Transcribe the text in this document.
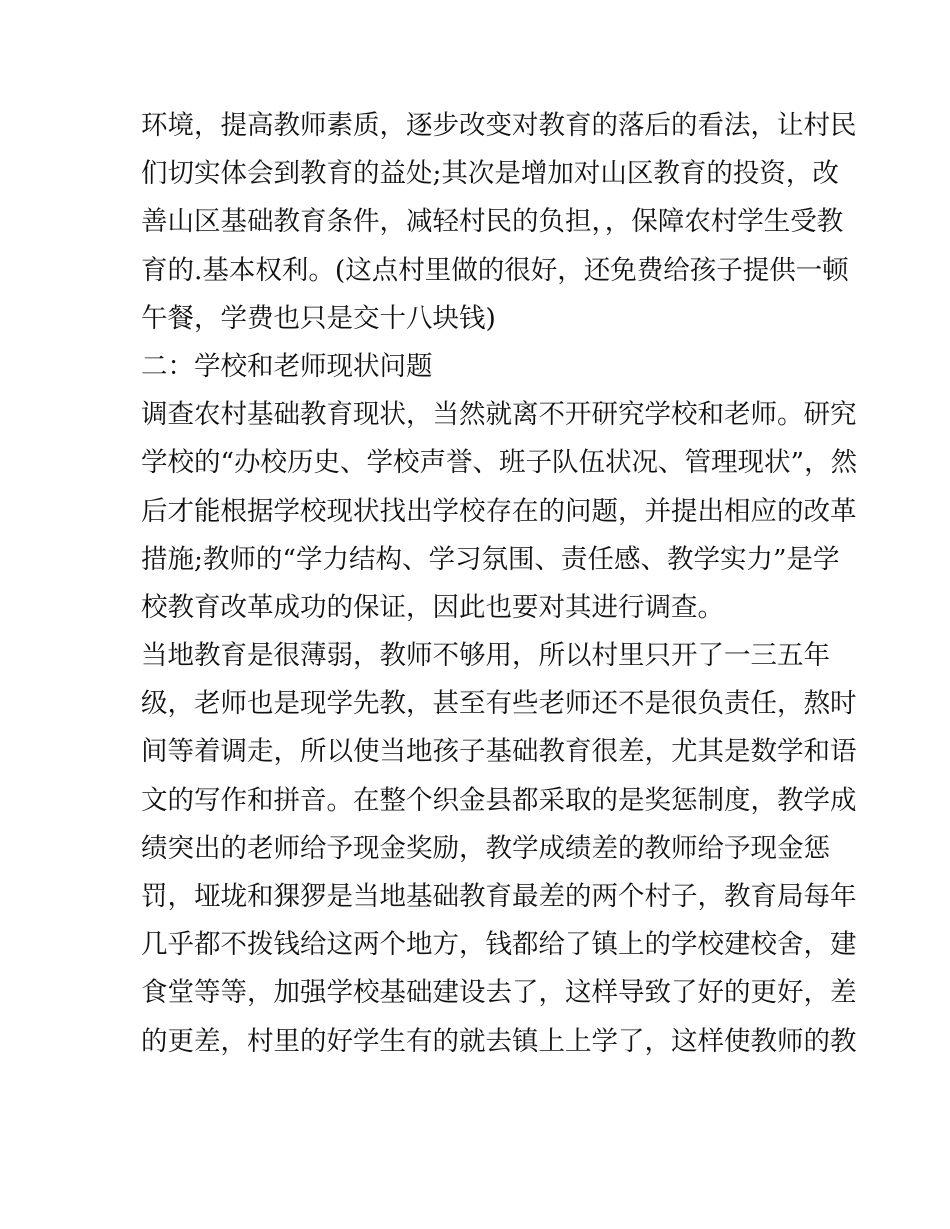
环境，提高教师素质，逐步改变对教育的落后的看法，让村民
们切实体会到教育的益处;其次是增加对山区教育的投资，改
善山区基础教育条件，减轻村民的负担，，保障农村学生受教
育的.基本权利。(这点村里做的很好，还免费给孩子提供一顿
午餐，学费也只是交十八块钱)
二：学校和老师现状问题
调查农村基础教育现状，当然就离不开研究学校和老师。研究
学校的“办校历史、学校声誉、班子队伍状况、管理现状”，然
后才能根据学校现状找出学校存在的问题，并提出相应的改革
措施;教师的“学力结构、学习氛围、责任感、教学实力”是学
校教育改革成功的保证，因此也要对其进行调查。
当地教育是很薄弱，教师不够用，所以村里只开了一三五年
级，老师也是现学先教，甚至有些老师还不是很负责任，熬时
间等着调走，所以使当地孩子基础教育很差，尤其是数学和语
文的写作和拼音。在整个织金县都采取的是奖惩制度，教学成
绩突出的老师给予现金奖励，教学成绩差的教师给予现金惩
罚，垭垅和猓猡是当地基础教育最差的两个村子，教育局每年
几乎都不拨钱给这两个地方，钱都给了镇上的学校建校舍，建
食堂等等，加强学校基础建设去了，这样导致了好的更好，差
的更差，村里的好学生有的就去镇上上学了，这样使教师的教
